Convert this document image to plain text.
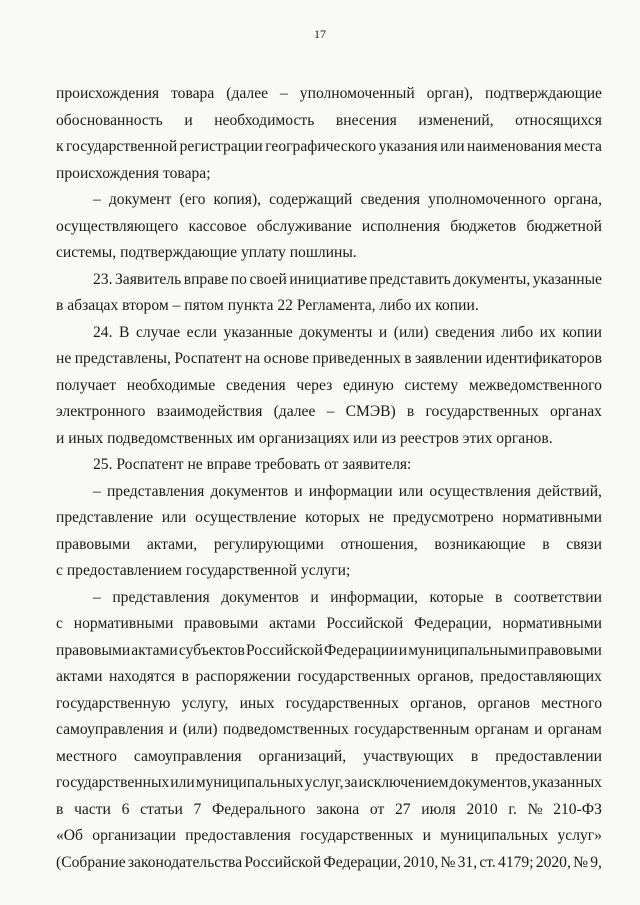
17
происхождения товара (далее – уполномоченный орган), подтверждающие
обоснованность и необходимость внесения изменений, относящихся
к государственной регистрации географического указания или наименования места
происхождения товара;
– документ (его копия), содержащий сведения уполномоченного органа,
осуществляющего кассовое обслуживание исполнения бюджетов бюджетной
системы, подтверждающие уплату пошлины.
23. Заявитель вправе по своей инициативе представить документы, указанные
в абзацах втором – пятом пункта 22 Регламента, либо их копии.
24. В случае если указанные документы и (или) сведения либо их копии
не представлены, Роспатент на основе приведенных в заявлении идентификаторов
получает необходимые сведения через единую систему межведомственного
электронного взаимодействия (далее – СМЭВ) в государственных органах
и иных подведомственных им организациях или из реестров этих органов.
25. Роспатент не вправе требовать от заявителя:
– представления документов и информации или осуществления действий,
представление или осуществление которых не предусмотрено нормативными
правовыми актами, регулирующими отношения, возникающие в связи
с предоставлением государственной услуги;
– представления документов и информации, которые в соответствии
с нормативными правовыми актами Российской Федерации, нормативными
правовыми актами субъектов Российской Федерации и муниципальными правовыми
актами находятся в распоряжении государственных органов, предоставляющих
государственную услугу, иных государственных органов, органов местного
самоуправления и (или) подведомственных государственным органам и органам
местного самоуправления организаций, участвующих в предоставлении
государственных или муниципальных услуг, за исключением документов, указанных
в части 6 статьи 7 Федерального закона от 27 июля 2010 г. № 210-ФЗ
«Об организации предоставления государственных и муниципальных услуг»
(Собрание законодательства Российской Федерации, 2010, № 31, ст. 4179; 2020, № 9,
